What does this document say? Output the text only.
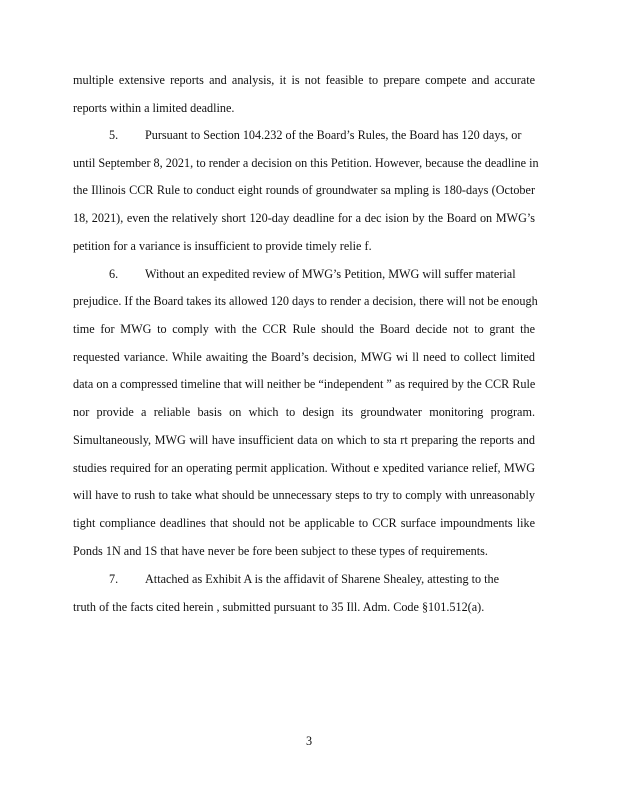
multiple extensive reports and analysis, it is not feasible to prepare compete and accurate
reports within a limited deadline.
5. Pursuant to Section 104.232 of the Board’s Rules, the Board has 120 days, or
until September 8, 2021, to render a decision on this Petition. However, because the deadline in
the Illinois CCR Rule to conduct eight rounds of groundwater sa mpling is 180-days (October
18, 2021), even the relatively short 120-day deadline for a dec ision by the Board on MWG’s
petition for a variance is insufficient to provide timely relie f.
6. Without an expedited review of MWG’s Petition, MWG will suffer material
prejudice. If the Board takes its allowed 120 days to render a decision, there will not be enough
time for MWG to comply with the CCR Rule should the Board decide not to grant the
requested variance. While awaiting the Board’s decision, MWG wi ll need to collect limited
data on a compressed timeline that will neither be “independent ” as required by the CCR Rule
nor provide a reliable basis on which to design its groundwater monitoring program.
Simultaneously, MWG will have insufficient data on which to sta rt preparing the reports and
studies required for an operating permit application. Without e xpedited variance relief, MWG
will have to rush to take what should be unnecessary steps to try to comply with unreasonably
tight compliance deadlines that should not be applicable to CCR surface impoundments like
Ponds 1N and 1S that have never be fore been subject to these types of requirements.
7. Attached as Exhibit A is the affidavit of Sharene Shealey, attesting to the
truth of the facts cited herein , submitted pursuant to 35 Ill. Adm. Code §101.512(a).
3
